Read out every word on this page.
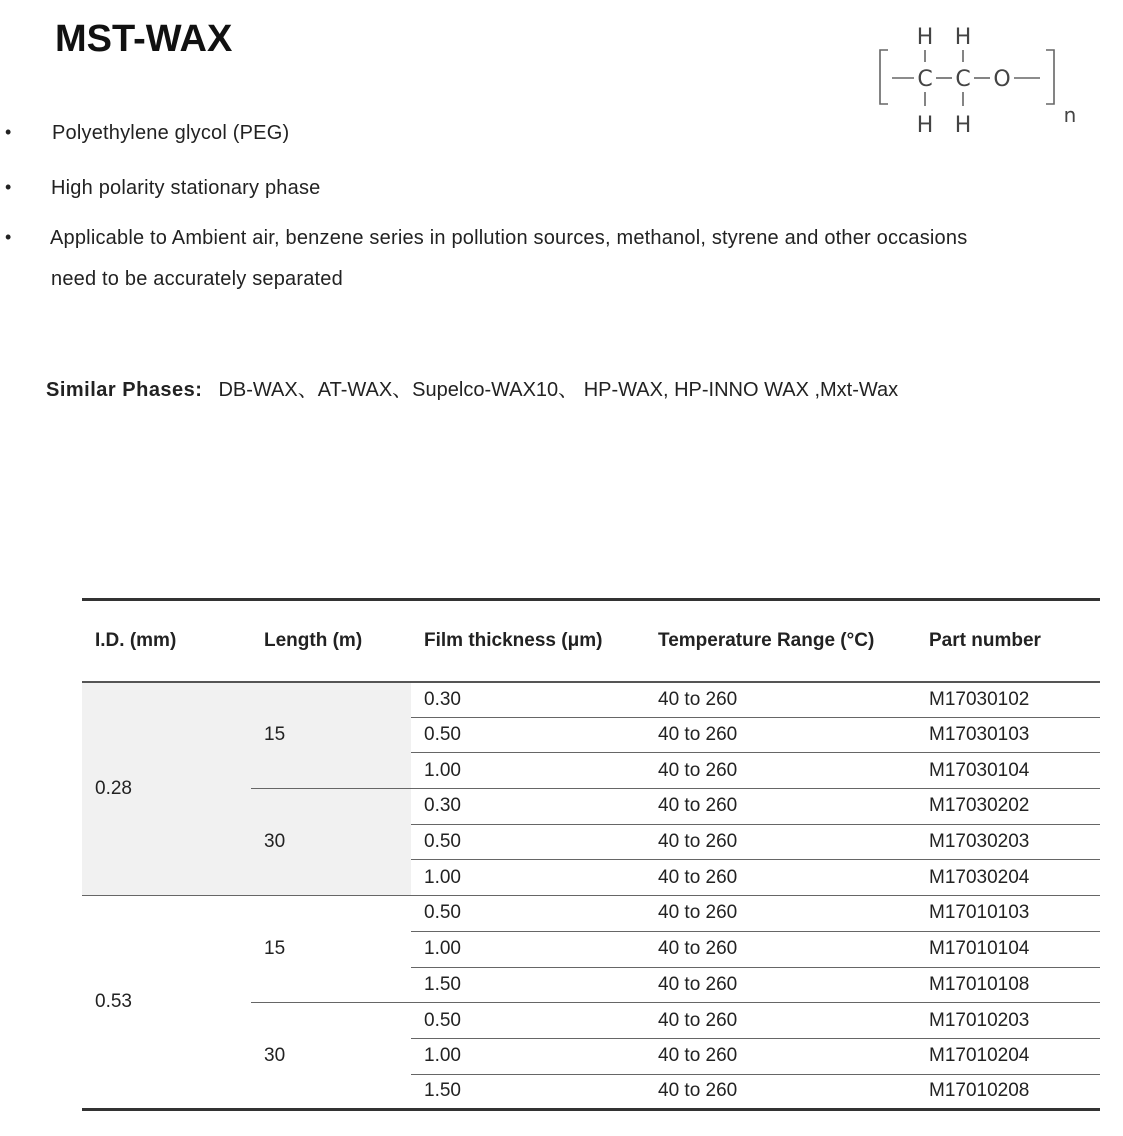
MST-WAX	H H
C C O
H H	n
• Polyethylene glycol (PEG)
• High polarity stationary phase
• Applicable to Ambient air, benzene series in pollution sources, methanol, styrene and other occasions
need to be accurately separated
Similar Phases: DB-WAX、AT-WAX、Supelco-WAX10、 HP-WAX, HP-INNO WAX ,Mxt-Wax
I.D. (mm)	Length (m)	Film thickness (μm)	Temperature Range (°C)	Part number
0.28	15	0.30	40 to 260	M17030102
		0.50	40 to 260	M17030103
		1.00	40 to 260	M17030104
	30	0.30	40 to 260	M17030202
		0.50	40 to 260	M17030203
		1.00	40 to 260	M17030204
0.53	15	0.50	40 to 260	M17010103
		1.00	40 to 260	M17010104
		1.50	40 to 260	M17010108
	30	0.50	40 to 260	M17010203
		1.00	40 to 260	M17010204
		1.50	40 to 260	M17010208
